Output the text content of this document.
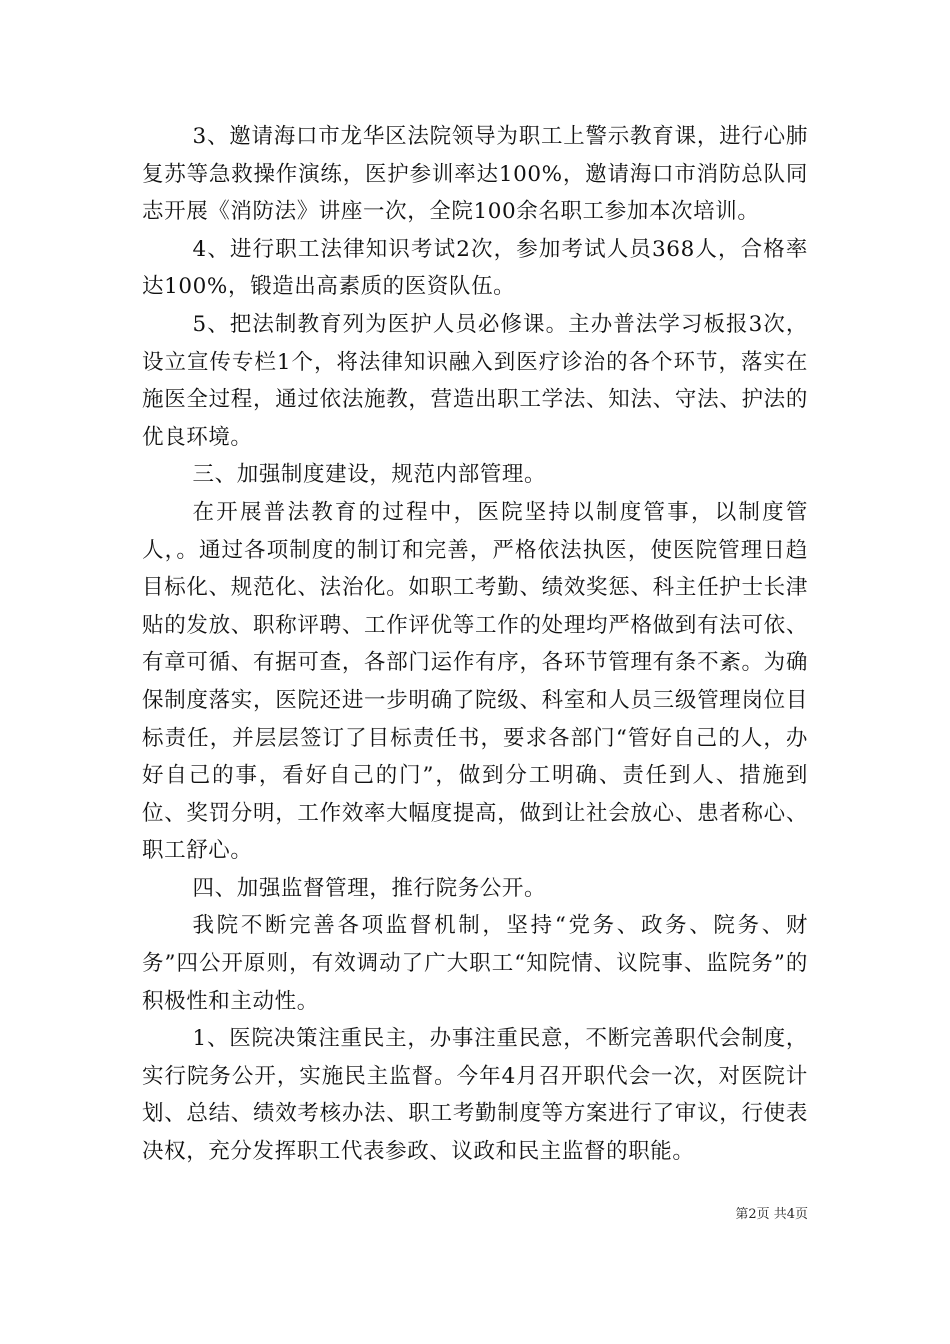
3、邀请海口市龙华区法院领导为职工上警示教育课，进行心肺复苏等急救操作演练，医护参训率达100%，邀请海口市消防总队同志开展《消防法》讲座一次，全院100余名职工参加本次培训。

4、进行职工法律知识考试2次，参加考试人员368人，合格率达100%，锻造出高素质的医资队伍。

5、把法制教育列为医护人员必修课。主办普法学习板报3次，设立宣传专栏1个，将法律知识融入到医疗诊治的各个环节，落实在施医全过程，通过依法施教，营造出职工学法、知法、守法、护法的优良环境。

三、加强制度建设，规范内部管理。

在开展普法教育的过程中，医院坚持以制度管事，以制度管人，。通过各项制度的制订和完善，严格依法执医，使医院管理日趋目标化、规范化、法治化。如职工考勤、绩效奖惩、科主任护士长津贴的发放、职称评聘、工作评优等工作的处理均严格做到有法可依、有章可循、有据可查，各部门运作有序，各环节管理有条不紊。为确保制度落实，医院还进一步明确了院级、科室和人员三级管理岗位目标责任，并层层签订了目标责任书，要求各部门“管好自己的人，办好自己的事，看好自己的门”，做到分工明确、责任到人、措施到位、奖罚分明，工作效率大幅度提高，做到让社会放心、患者称心、职工舒心。

四、加强监督管理，推行院务公开。

我院不断完善各项监督机制，坚持“党务、政务、院务、财务”四公开原则，有效调动了广大职工“知院情、议院事、监院务”的积极性和主动性。

1、医院决策注重民主，办事注重民意，不断完善职代会制度，实行院务公开，实施民主监督。今年4月召开职代会一次，对医院计划、总结、绩效考核办法、职工考勤制度等方案进行了审议，行使表决权，充分发挥职工代表参政、议政和民主监督的职能。

第2页 共4页
